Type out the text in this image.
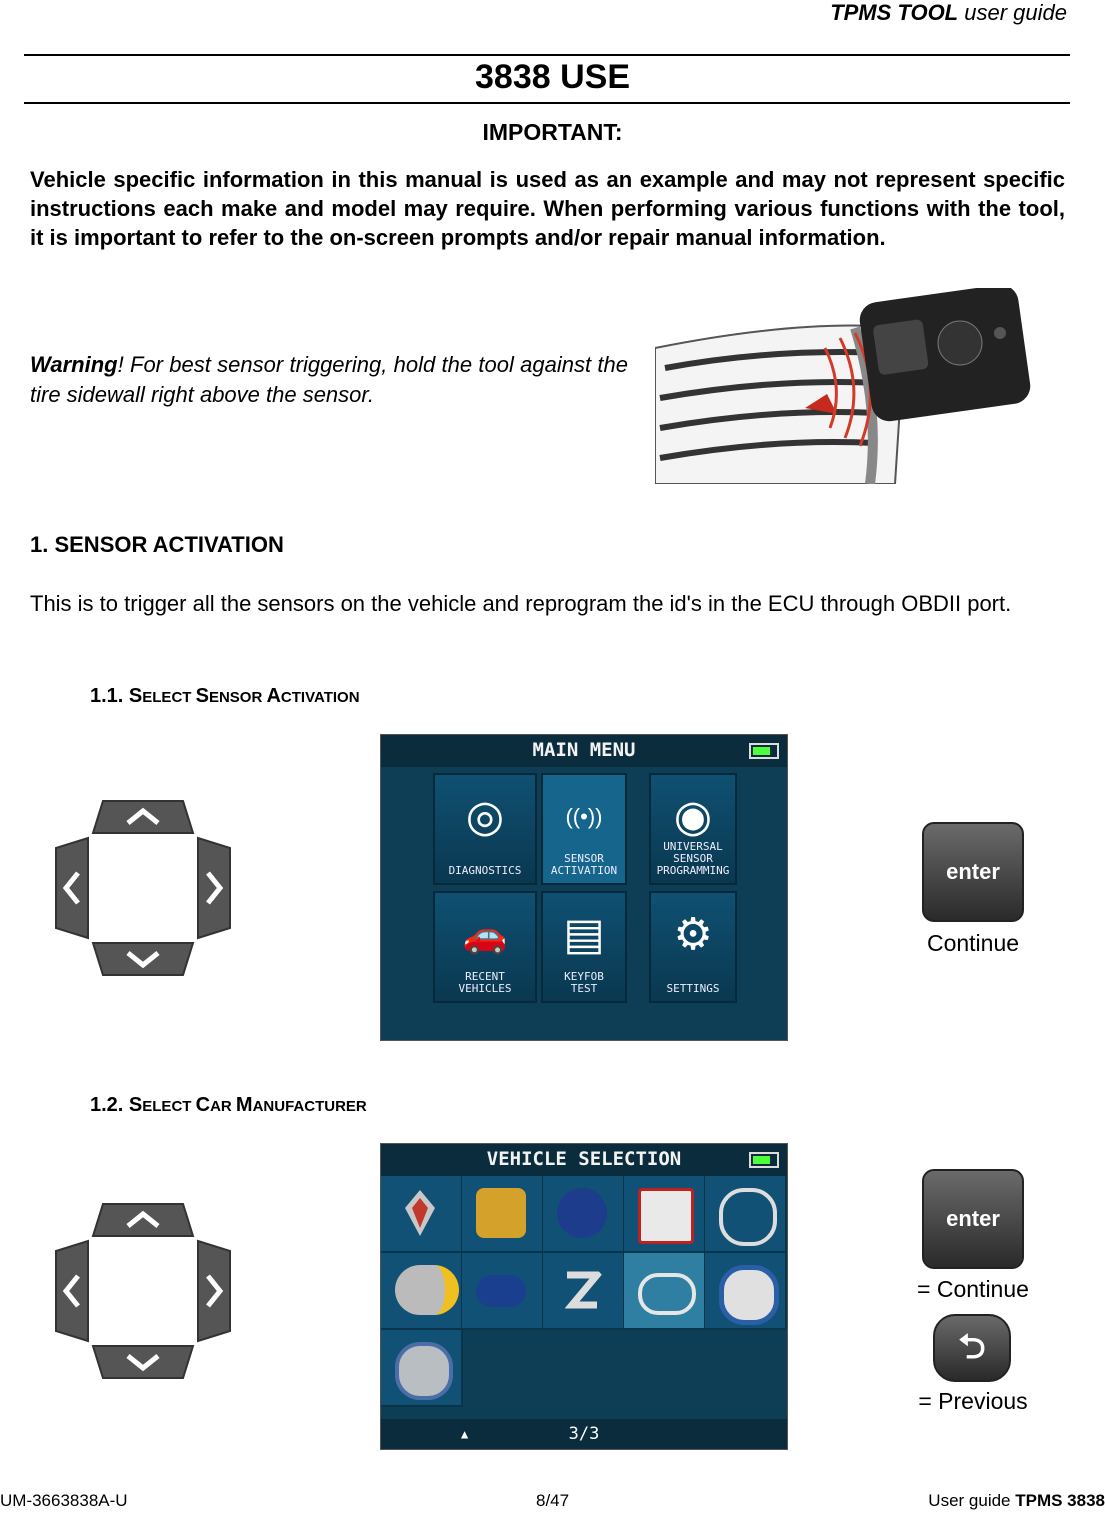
TPMS TOOL user guide
3838 USE
IMPORTANT:
Vehicle specific information in this manual is used as an example and may not represent specific instructions each make and model may require. When performing various functions with the tool, it is important to refer to the on-screen prompts and/or repair manual information.
Warning! For best sensor triggering, hold the tool against the tire sidewall right above the sensor.
1. SENSOR ACTIVATION
This is to trigger all the sensors on the vehicle and reprogram the id's in the ECU through OBDII port.
1.1. SELECT SENSOR ACTIVATION
MAIN MENU
◎
DIAGNOSTICS
((•))
SENSOR
ACTIVATION
◉
UNIVERSAL
SENSOR
PROGRAMMING
🚗
RECENT
VEHICLES
▤
KEYFOB
TEST
⚙
SETTINGS
enter
Continue
1.2. SELECT CAR MANUFACTURER
VEHICLE SELECTION
▲	3/3
enter
= Continue
⮌
= Previous
UM-3663838A-U	8/47	User guide TPMS 3838
